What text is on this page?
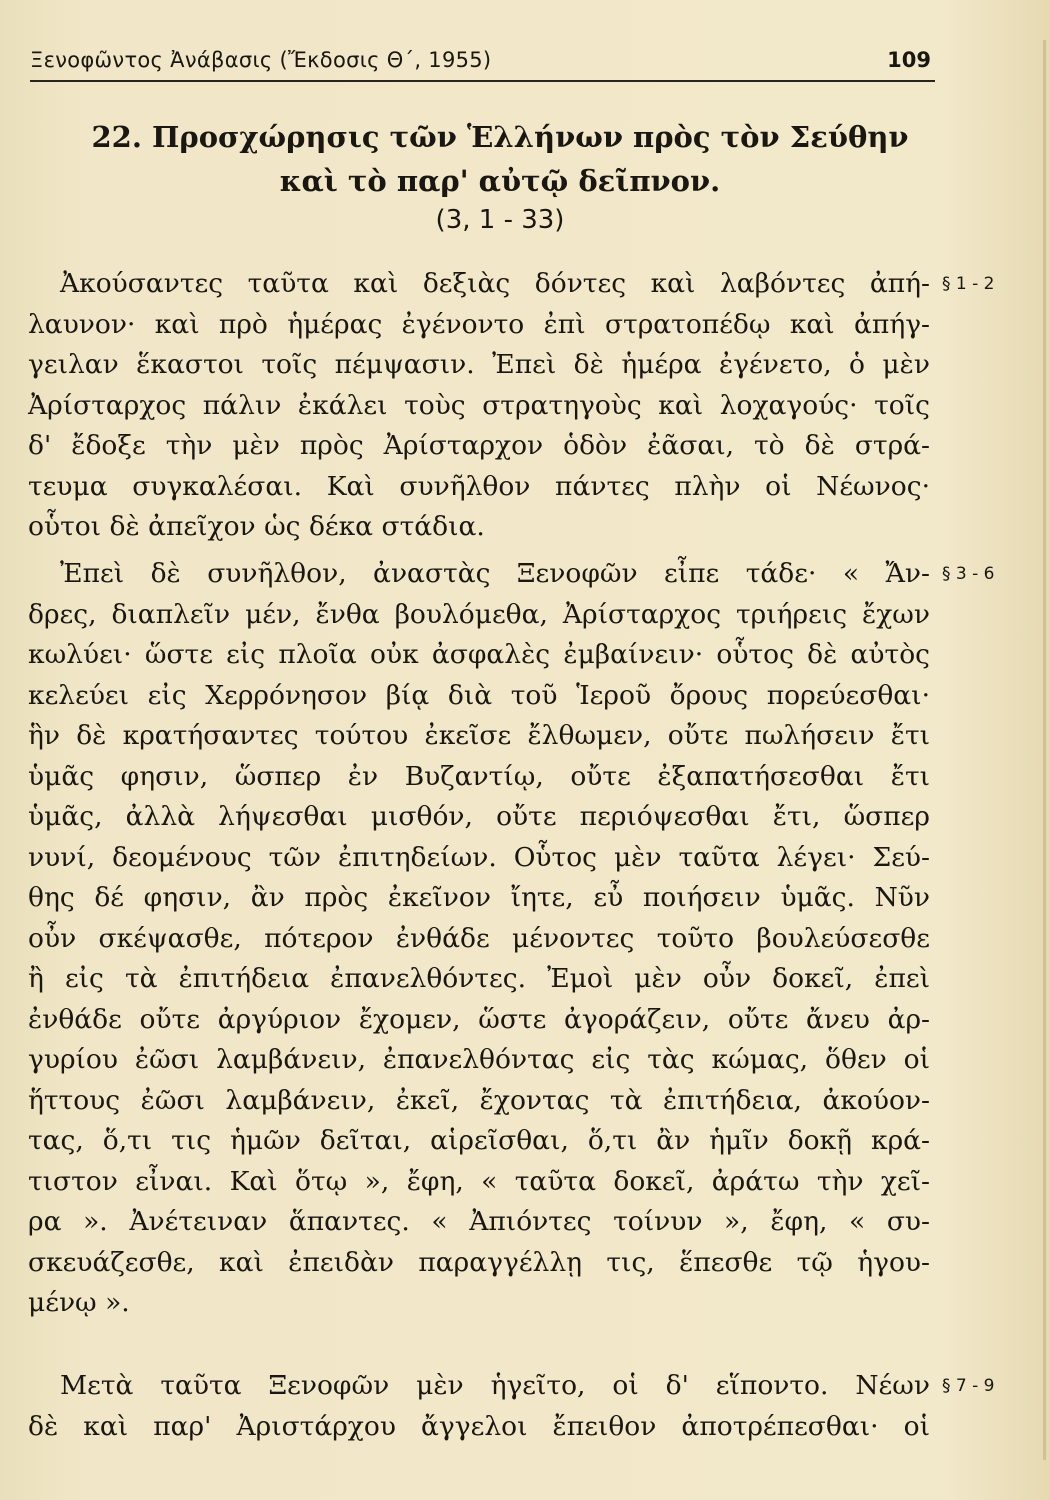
Ξενοφῶντος Ἀνάβασις (Ἔκδοσις Θ΄, 1955)	109
22. Προσχώρησις τῶν Ἑλλήνων πρὸς τὸν Σεύθην
καὶ τὸ παρ' αὐτῷ δεῖπνον.
(3, 1 - 33)
§ 1 - 2
§ 3 - 6
§ 7 - 9
Ἀκούσαντες ταῦτα καὶ δεξιὰς δόντες καὶ λαβόντες ἀπή-
λαυνον· καὶ πρὸ ἡμέρας ἐγένοντο ἐπὶ στρατοπέδῳ καὶ ἀπήγ-
γειλαν ἕκαστοι τοῖς πέμψασιν. Ἐπεὶ δὲ ἡμέρα ἐγένετο, ὁ μὲν
Ἀρίσταρχος πάλιν ἐκάλει τοὺς στρατηγοὺς καὶ λοχαγούς· τοῖς
δ' ἔδοξε τὴν μὲν πρὸς Ἀρίσταρχον ὁδὸν ἐᾶσαι, τὸ δὲ στρά-
τευμα συγκαλέσαι. Καὶ συνῆλθον πάντες πλὴν οἱ Νέωνος·
οὗτοι δὲ ἀπεῖχον ὡς δέκα στάδια.
Ἐπεὶ δὲ συνῆλθον, ἀναστὰς Ξενοφῶν εἶπε τάδε· « Ἄν-
δρες, διαπλεῖν μέν, ἔνθα βουλόμεθα, Ἀρίσταρχος τριήρεις ἔχων
κωλύει· ὥστε εἰς πλοῖα οὐκ ἀσφαλὲς ἐμβαίνειν· οὗτος δὲ αὐτὸς
κελεύει εἰς Χερρόνησον βίᾳ διὰ τοῦ Ἱεροῦ ὄρους πορεύεσθαι·
ἣν δὲ κρατήσαντες τούτου ἐκεῖσε ἔλθωμεν, οὔτε πωλήσειν ἔτι
ὑμᾶς φησιν, ὥσπερ ἐν Βυζαντίῳ, οὔτε ἐξαπατήσεσθαι ἔτι
ὑμᾶς, ἀλλὰ λήψεσθαι μισθόν, οὔτε περιόψεσθαι ἔτι, ὥσπερ
νυνί, δεομένους τῶν ἐπιτηδείων. Οὗτος μὲν ταῦτα λέγει· Σεύ-
θης δέ φησιν, ἂν πρὸς ἐκεῖνον ἴητε, εὖ ποιήσειν ὑμᾶς. Νῦν
οὖν σκέψασθε, πότερον ἐνθάδε μένοντες τοῦτο βουλεύσεσθε
ἢ εἰς τὰ ἐπιτήδεια ἐπανελθόντες. Ἐμοὶ μὲν οὖν δοκεῖ, ἐπεὶ
ἐνθάδε οὔτε ἀργύριον ἔχομεν, ὥστε ἀγοράζειν, οὔτε ἄνευ ἀρ-
γυρίου ἐῶσι λαμβάνειν, ἐπανελθόντας εἰς τὰς κώμας, ὅθεν οἱ
ἥττους ἐῶσι λαμβάνειν, ἐκεῖ, ἔχοντας τὰ ἐπιτήδεια, ἀκούον-
τας, ὅ,τι τις ἡμῶν δεῖται, αἱρεῖσθαι, ὅ,τι ἂν ἡμῖν δοκῇ κρά-
τιστον εἶναι. Καὶ ὅτῳ », ἔφη, « ταῦτα δοκεῖ, ἀράτω τὴν χεῖ-
ρα ». Ἀνέτειναν ἅπαντες. « Ἀπιόντες τοίνυν », ἔφη, « συ-
σκευάζεσθε, καὶ ἐπειδὰν παραγγέλλῃ τις, ἕπεσθε τῷ ἡγου-
μένῳ ».
Μετὰ ταῦτα Ξενοφῶν μὲν ἡγεῖτο, οἱ δ' εἵποντο. Νέων
δὲ καὶ παρ' Ἀριστάρχου ἄγγελοι ἔπειθον ἀποτρέπεσθαι· οἱ
